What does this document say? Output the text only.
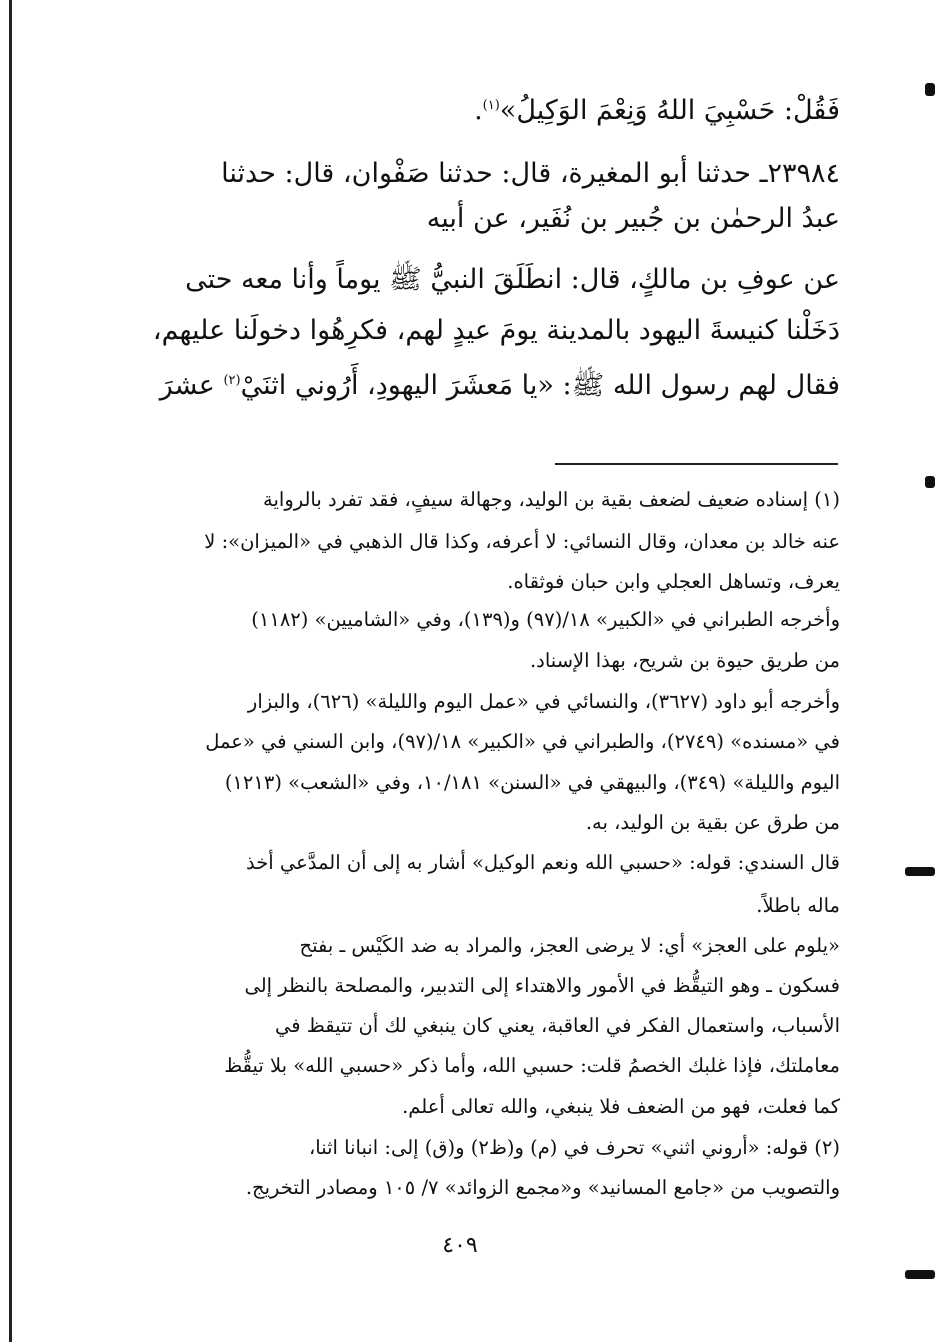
فَقُلْ: حَسْبِيَ اللهُ وَنِعْمَ الوَكِيلُ»$^{(١)}$.
٢٣٩٨٤ـ حدثنا أبو المغيرة، قال: حدثنا صَفْوان، قال: حدثنا
عبدُ الرحمٰن بن جُبير بن نُفَير، عن أبيه
عن عوفِ بن مالكٍ، قال: انطَلَقَ النبيُّ ﷺ يوماً وأنا معه حتى
دَخَلْنا كنيسةَ اليهود بالمدينة يومَ عيدٍ لهم، فكرِهُوا دخولَنا عليهم،
فقال لهم رسول الله ﷺ: «يا مَعشَرَ اليهودِ، أَرُوني اثنَيْ$^{(٢)}$ عشرَ
(١) إسناده ضعيف لضعف بقية بن الوليد، وجهالة سيفٍ، فقد تفرد بالرواية
عنه خالد بن معدان، وقال النسائي: لا أعرفه، وكذا قال الذهبي في «الميزان»: لا
يعرف، وتساهل العجلي وابن حبان فوثقاه.
وأخرجه الطبراني في «الكبير» ١٨/(٩٧) و(١٣٩)، وفي «الشاميين» (١١٨٢)
من طريق حيوة بن شريح، بهذا الإسناد.
وأخرجه أبو داود (٣٦٢٧)، والنسائي في «عمل اليوم والليلة» (٦٢٦)، والبزار
في «مسنده» (٢٧٤٩)، والطبراني في «الكبير» ١٨/(٩٧)، وابن السني في «عمل
اليوم والليلة» (٣٤٩)، والبيهقي في «السنن» ١٠/١٨١، وفي «الشعب» (١٢١٣)
من طرق عن بقية بن الوليد، به.
قال السندي: قوله: «حسبي الله ونعم الوكيل» أشار به إلى أن المدَّعي أخذ
ماله باطلاً.
«يلوم على العجز» أي: لا يرضى العجز، والمراد به ضد الكَيْس ـ بفتح
فسكون ـ وهو التيقُّظ في الأمور والاهتداء إلى التدبير، والمصلحة بالنظر إلى
الأسباب، واستعمال الفكر في العاقبة، يعني كان ينبغي لك أن تتيقظ في
معاملتك، فإذا غلبك الخصمُ قلت: حسبي الله، وأما ذكر «حسبي الله» بلا تيقُّظ
كما فعلت، فهو من الضعف فلا ينبغي، والله تعالى أعلم.
(٢) قوله: «أروني اثني» تحرف في (م) و(ظ٢) و(ق) إلى: انبانا اثنا،
والتصويب من «جامع المسانيد» و«مجمع الزوائد» ٧/ ١٠٥ ومصادر التخريج.
٤٠٩
